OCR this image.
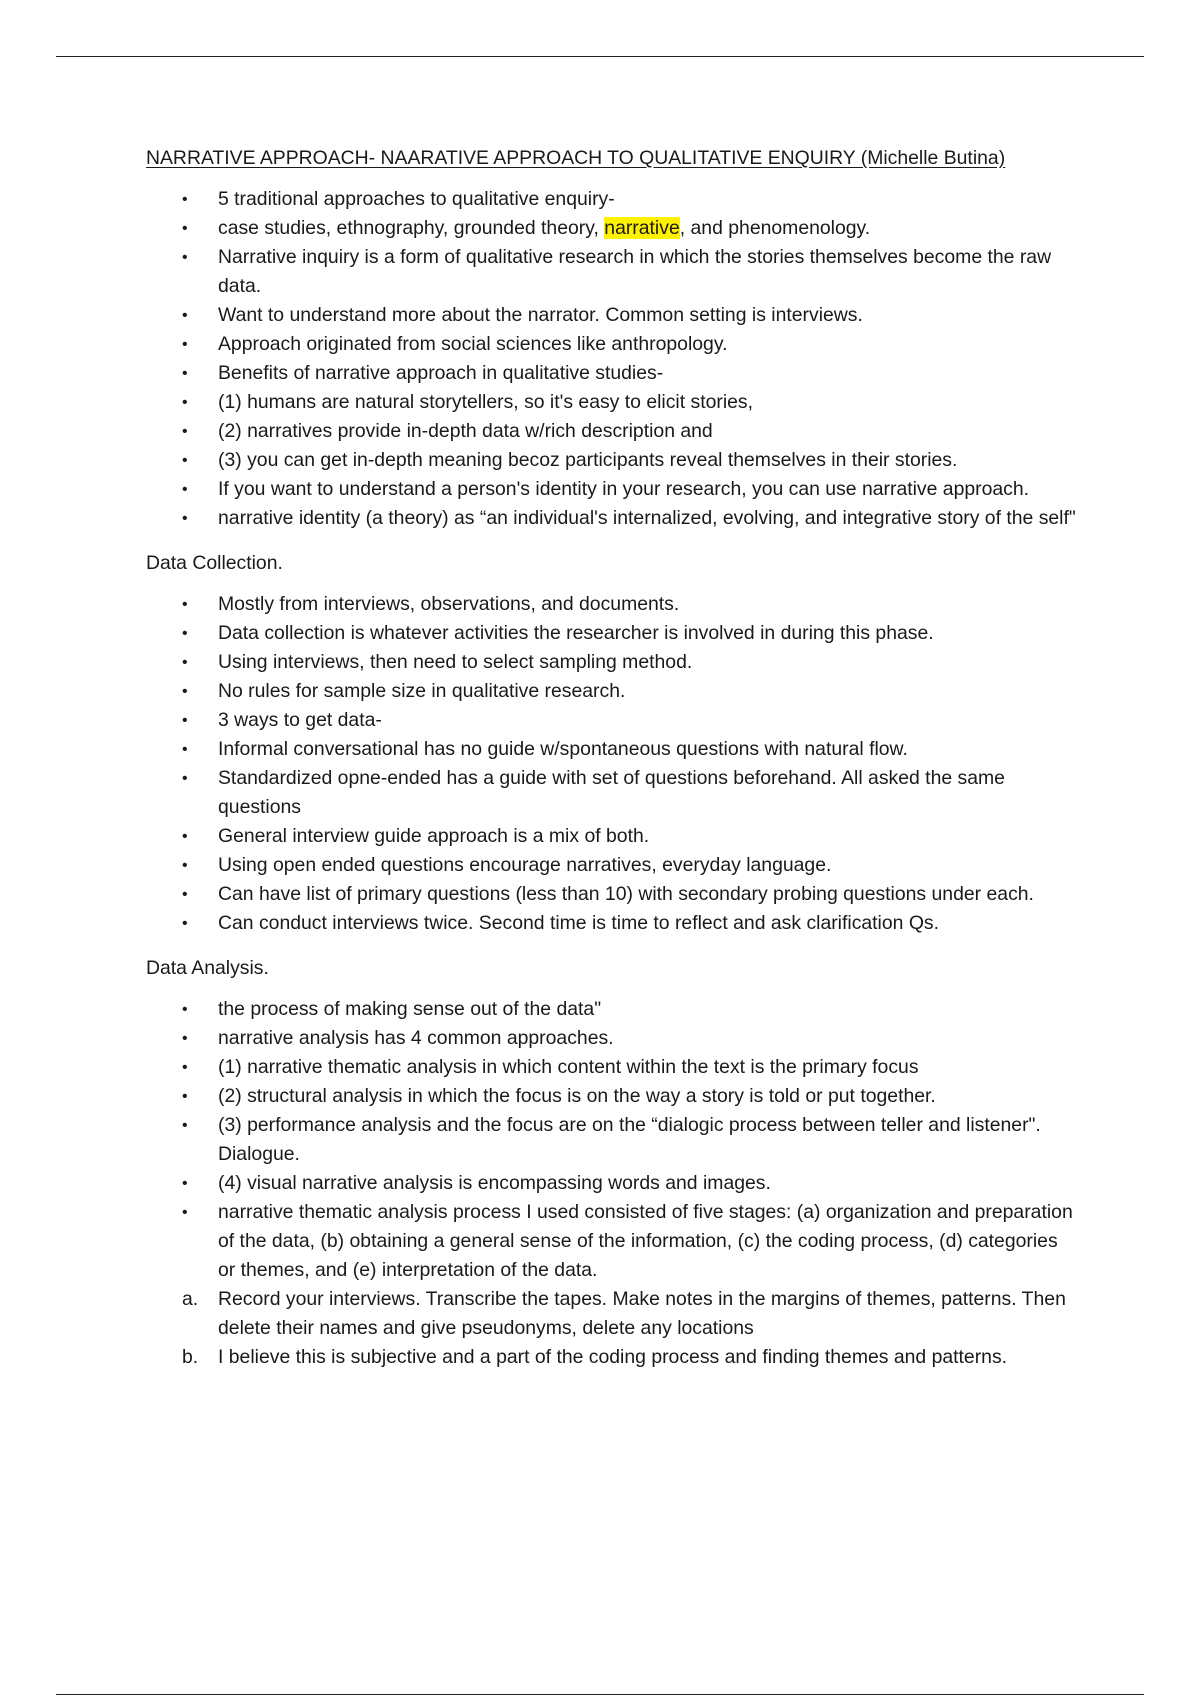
NARRATIVE APPROACH- NAARATIVE APPROACH TO QUALITATIVE ENQUIRY (Michelle Butina)
• 5 traditional approaches to qualitative enquiry-
• case studies, ethnography, grounded theory, narrative, and phenomenology.
• Narrative inquiry is a form of qualitative research in which the stories themselves become the raw data.
• Want to understand more about the narrator. Common setting is interviews.
• Approach originated from social sciences like anthropology.
• Benefits of narrative approach in qualitative studies-
• (1) humans are natural storytellers, so it's easy to elicit stories,
• (2) narratives provide in-depth data w/rich description and
• (3) you can get in-depth meaning becoz participants reveal themselves in their stories.
• If you want to understand a person's identity in your research, you can use narrative approach.
• narrative identity (a theory) as “an individual's internalized, evolving, and integrative story of the self"
Data Collection.
• Mostly from interviews, observations, and documents.
• Data collection is whatever activities the researcher is involved in during this phase.
• Using interviews, then need to select sampling method.
• No rules for sample size in qualitative research.
• 3 ways to get data-
• Informal conversational has no guide w/spontaneous questions with natural flow.
• Standardized opne-ended has a guide with set of questions beforehand. All asked the same questions
• General interview guide approach is a mix of both.
• Using open ended questions encourage narratives, everyday language.
• Can have list of primary questions (less than 10) with secondary probing questions under each.
• Can conduct interviews twice. Second time is time to reflect and ask clarification Qs.
Data Analysis.
• the process of making sense out of the data"
• narrative analysis has 4 common approaches.
• (1) narrative thematic analysis in which content within the text is the primary focus
• (2) structural analysis in which the focus is on the way a story is told or put together.
• (3) performance analysis and the focus are on the “dialogic process between teller and listener". Dialogue.
• (4) visual narrative analysis is encompassing words and images.
• narrative thematic analysis process I used consisted of five stages: (a) organization and preparation of the data, (b) obtaining a general sense of the information, (c) the coding process, (d) categories or themes, and (e) interpretation of the data.
a. Record your interviews. Transcribe the tapes. Make notes in the margins of themes, patterns. Then delete their names and give pseudonyms, delete any locations
b. I believe this is subjective and a part of the coding process and finding themes and patterns.
